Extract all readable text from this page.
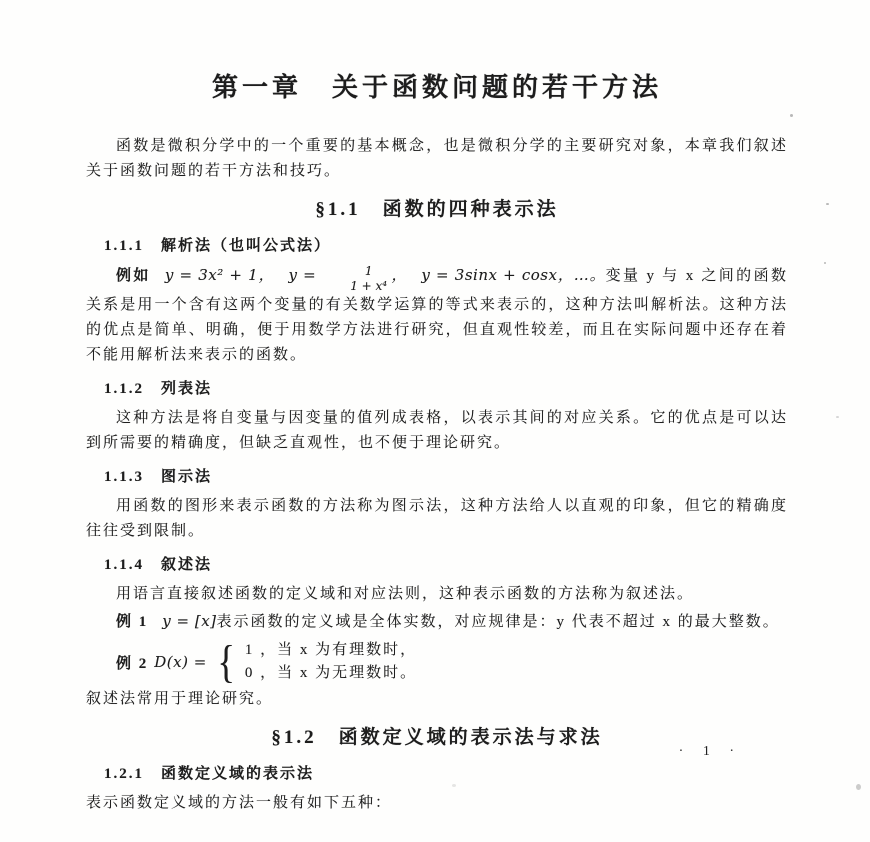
第一章　关于函数问题的若干方法

函数是微积分学中的一个重要的基本概念，也是微积分学的主要研究对象，本章我们叙述关于函数问题的若干方法和技巧。

§1.1　函数的四种表示法
1.1.1　解析法（也叫公式法）

例如 y = 3x² + 1， y =	1
1 + x⁴
， y = 3sinx + cosx，…。变量 y 与 x 之间的函数关系是用一个含有这两个变量的有关数学运算的等式来表示的，这种方法叫解析法。这种方法的优点是简单、明确，便于用数学方法进行研究，但直观性较差，而且在实际问题中还存在着不能用解析法来表示的函数。

1.1.2　列表法

这种方法是将自变量与因变量的值列成表格，以表示其间的对应关系。它的优点是可以达到所需要的精确度，但缺乏直观性，也不便于理论研究。

1.1.3　图示法

用函数的图形来表示函数的方法称为图示法，这种方法给人以直观的印象，但它的精确度往往受到限制。

1.1.4　叙述法

用语言直接叙述函数的定义域和对应法则，这种表示函数的方法称为叙述法。

例 1 y = [x]表示函数的定义域是全体实数，对应规律是：y 代表不超过 x 的最大整数。

例 2 D(x) = { 1 ，当 x 为有理数时，
0 ，当 x 为无理数时。

叙述法常用于理论研究。

§1.2　函数定义域的表示法与求法
1.2.1　函数定义域的表示法

表示函数定义域的方法一般有如下五种：

· 1 ·
